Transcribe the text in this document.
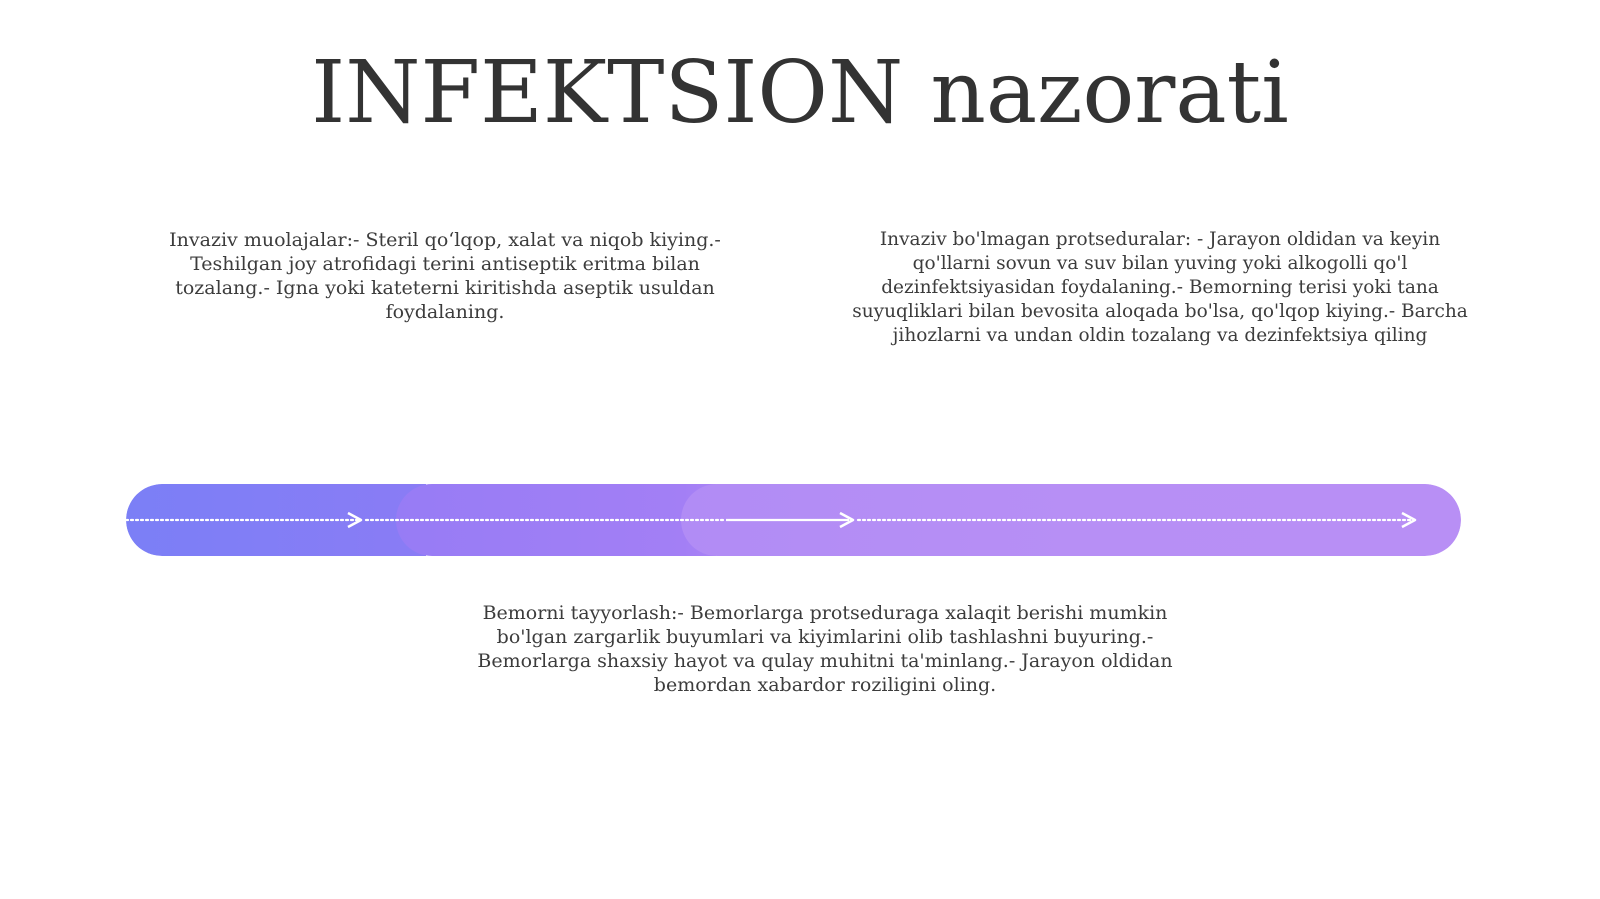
INFEKTSION nazorati
Invaziv muolajalar:- Steril qo‘lqop, xalat va niqob kiying.- Teshilgan joy atrofidagi terini antiseptik eritma bilan tozalang.- Igna yoki kateterni kiritishda aseptik usuldan foydalaning.
Invaziv bo'lmagan protseduralar: - Jarayon oldidan va keyin qo'llarni sovun va suv bilan yuving yoki alkogolli qo'l dezinfektsiyasidan foydalaning.- Bemorning terisi yoki tana suyuqliklari bilan bevosita aloqada bo'lsa, qo'lqop kiying.- Barcha jihozlarni va undan oldin tozalang va dezinfektsiya qiling
Bemorni tayyorlash:- Bemorlarga protseduraga xalaqit berishi mumkin bo'lgan zargarlik buyumlari va kiyimlarini olib tashlashni buyuring.- Bemorlarga shaxsiy hayot va qulay muhitni ta'minlang.- Jarayon oldidan bemordan xabardor roziligini oling.
